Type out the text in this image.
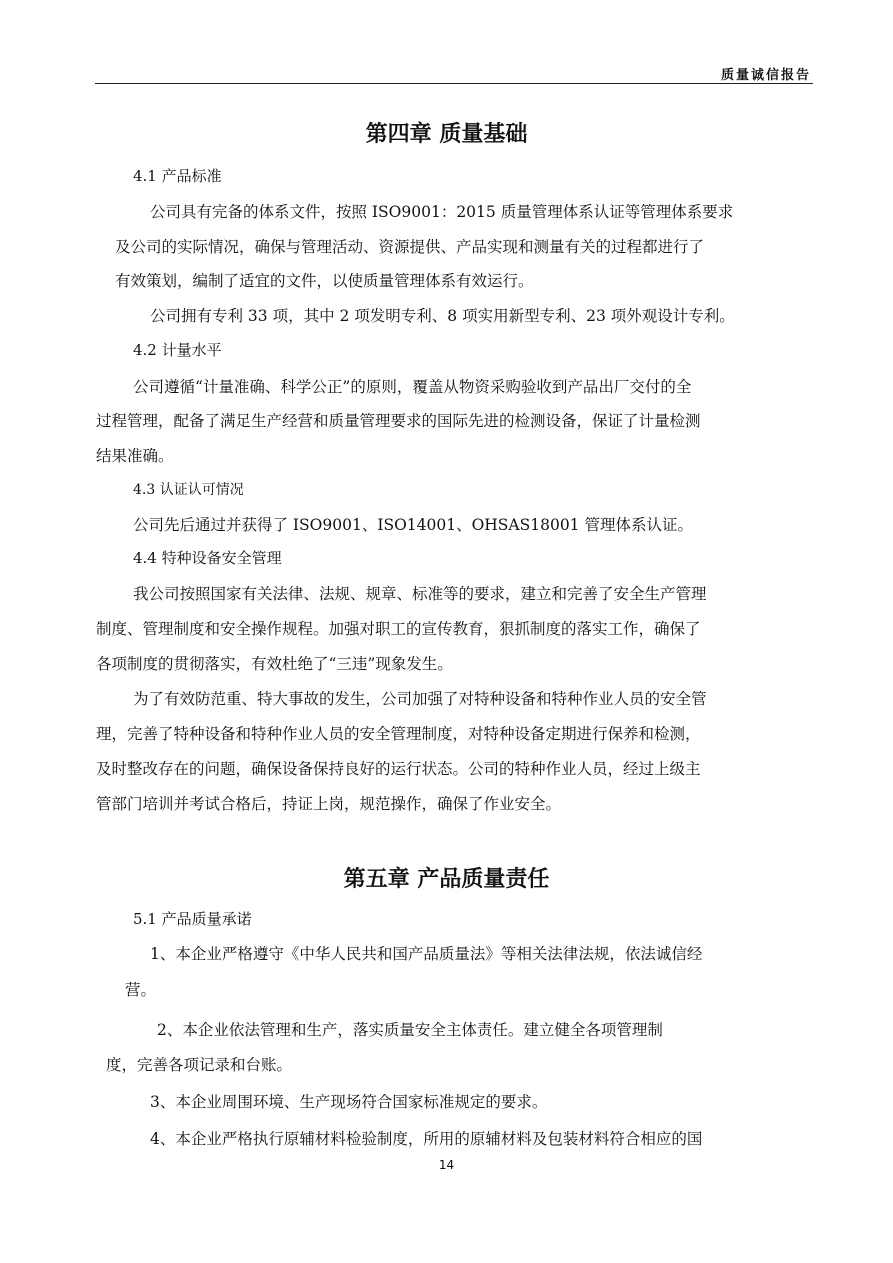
质量诚信报告
第四章 质量基础
4.1 产品标准
公司具有完备的体系文件，按照 ISO9001：2015 质量管理体系认证等管理体系要求
及公司的实际情况，确保与管理活动、资源提供、产品实现和测量有关的过程都进行了
有效策划，编制了适宜的文件，以使质量管理体系有效运行。
公司拥有专利 33 项，其中 2 项发明专利、8 项实用新型专利、23 项外观设计专利。
4.2 计量水平
公司遵循“计量准确、科学公正”的原则，覆盖从物资采购验收到产品出厂交付的全
过程管理，配备了满足生产经营和质量管理要求的国际先进的检测设备，保证了计量检测
结果准确。
4.3 认证认可情况
公司先后通过并获得了 ISO9001、ISO14001、OHSAS18001 管理体系认证。
4.4 特种设备安全管理
我公司按照国家有关法律、法规、规章、标准等的要求，建立和完善了安全生产管理
制度、管理制度和安全操作规程。加强对职工的宣传教育，狠抓制度的落实工作，确保了
各项制度的贯彻落实，有效杜绝了“三违”现象发生。
为了有效防范重、特大事故的发生，公司加强了对特种设备和特种作业人员的安全管
理，完善了特种设备和特种作业人员的安全管理制度，对特种设备定期进行保养和检测，
及时整改存在的问题，确保设备保持良好的运行状态。公司的特种作业人员，经过上级主
管部门培训并考试合格后，持证上岗，规范操作，确保了作业安全。
第五章 产品质量责任
5.1 产品质量承诺
1、本企业严格遵守《中华人民共和国产品质量法》等相关法律法规，依法诚信经
营。
2、本企业依法管理和生产，落实质量安全主体责任。建立健全各项管理制
度，完善各项记录和台账。
3、本企业周围环境、生产现场符合国家标准规定的要求。
4、本企业严格执行原辅材料检验制度，所用的原辅材料及包装材料符合相应的国
14
